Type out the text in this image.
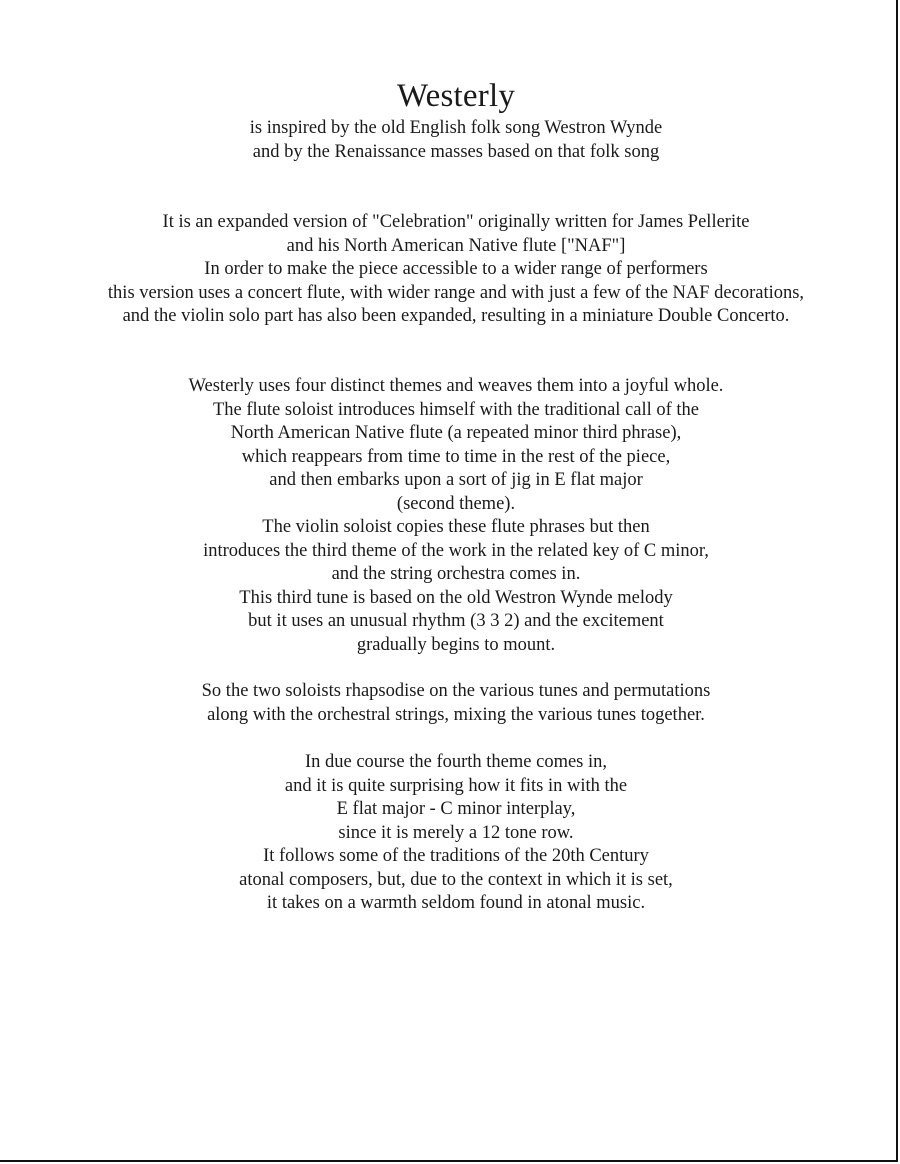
Westerly

is inspired by the old English folk song Westron Wynde

and by the Renaissance masses based on that folk song

It is an expanded version of "Celebration" originally written for James Pellerite

and his North American Native flute ["NAF"]

In order to make the piece accessible to a wider range of performers

this version uses a concert flute, with wider range and with just a few of the NAF decorations,

and the violin solo part has also been expanded, resulting in a miniature Double Concerto.

Westerly uses four distinct themes and weaves them into a joyful whole.

The flute soloist introduces himself with the traditional call of the

North American Native flute (a repeated minor third phrase),

which reappears from time to time in the rest of the piece,

and then embarks upon a sort of jig in E flat major

(second theme).

The violin soloist copies these flute phrases but then

introduces the third theme of the work in the related key of C minor,

and the string orchestra comes in.

This third tune is based on the old Westron Wynde melody

but it uses an unusual rhythm (3 3 2) and the excitement

gradually begins to mount.

So the two soloists rhapsodise on the various tunes and permutations

along with the orchestral strings, mixing the various tunes together.

In due course the fourth theme comes in,

and it is quite surprising how it fits in with the

E flat major - C minor interplay,

since it is merely a 12 tone row.

It follows some of the traditions of the 20th Century

atonal composers, but, due to the context in which it is set,

it takes on a warmth seldom found in atonal music.
